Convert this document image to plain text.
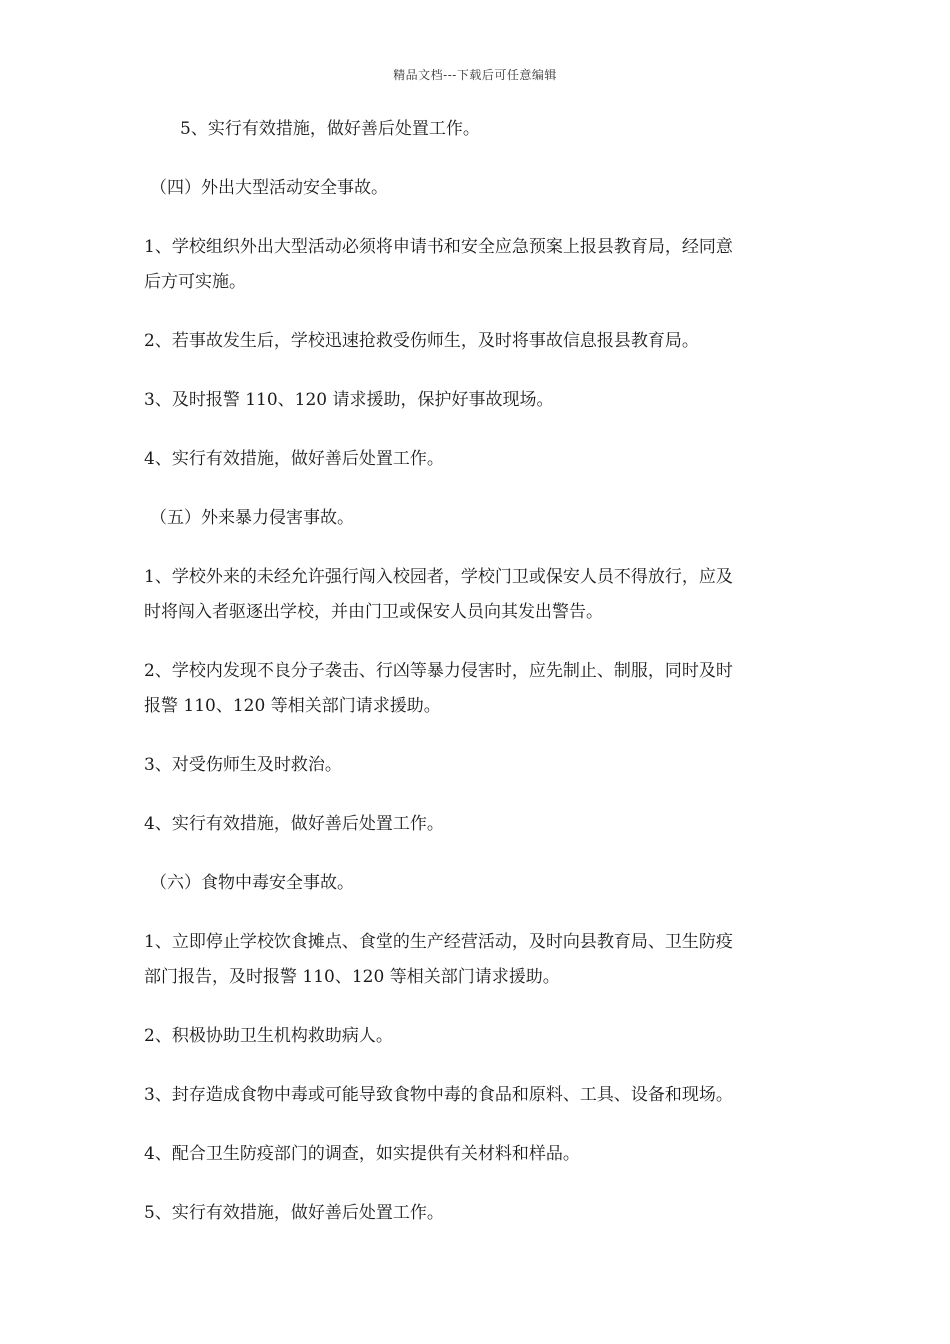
精品文档---下载后可任意编辑
5、实行有效措施，做好善后处置工作。
（四）外出大型活动安全事故。
1、学校组织外出大型活动必须将申请书和安全应急预案上报县教育局，经同意
后方可实施。
2、若事故发生后，学校迅速抢救受伤师生，及时将事故信息报县教育局。
3、及时报警 110、120 请求援助，保护好事故现场。
4、实行有效措施，做好善后处置工作。
（五）外来暴力侵害事故。
1、学校外来的未经允许强行闯入校园者，学校门卫或保安人员不得放行，应及
时将闯入者驱逐出学校，并由门卫或保安人员向其发出警告。
2、学校内发现不良分子袭击、行凶等暴力侵害时，应先制止、制服，同时及时
报警 110、120 等相关部门请求援助。
3、对受伤师生及时救治。
4、实行有效措施，做好善后处置工作。
（六）食物中毒安全事故。
1、立即停止学校饮食摊点、食堂的生产经营活动，及时向县教育局、卫生防疫
部门报告，及时报警 110、120 等相关部门请求援助。
2、积极协助卫生机构救助病人。
3、封存造成食物中毒或可能导致食物中毒的食品和原料、工具、设备和现场。
4、配合卫生防疫部门的调查，如实提供有关材料和样品。
5、实行有效措施，做好善后处置工作。
